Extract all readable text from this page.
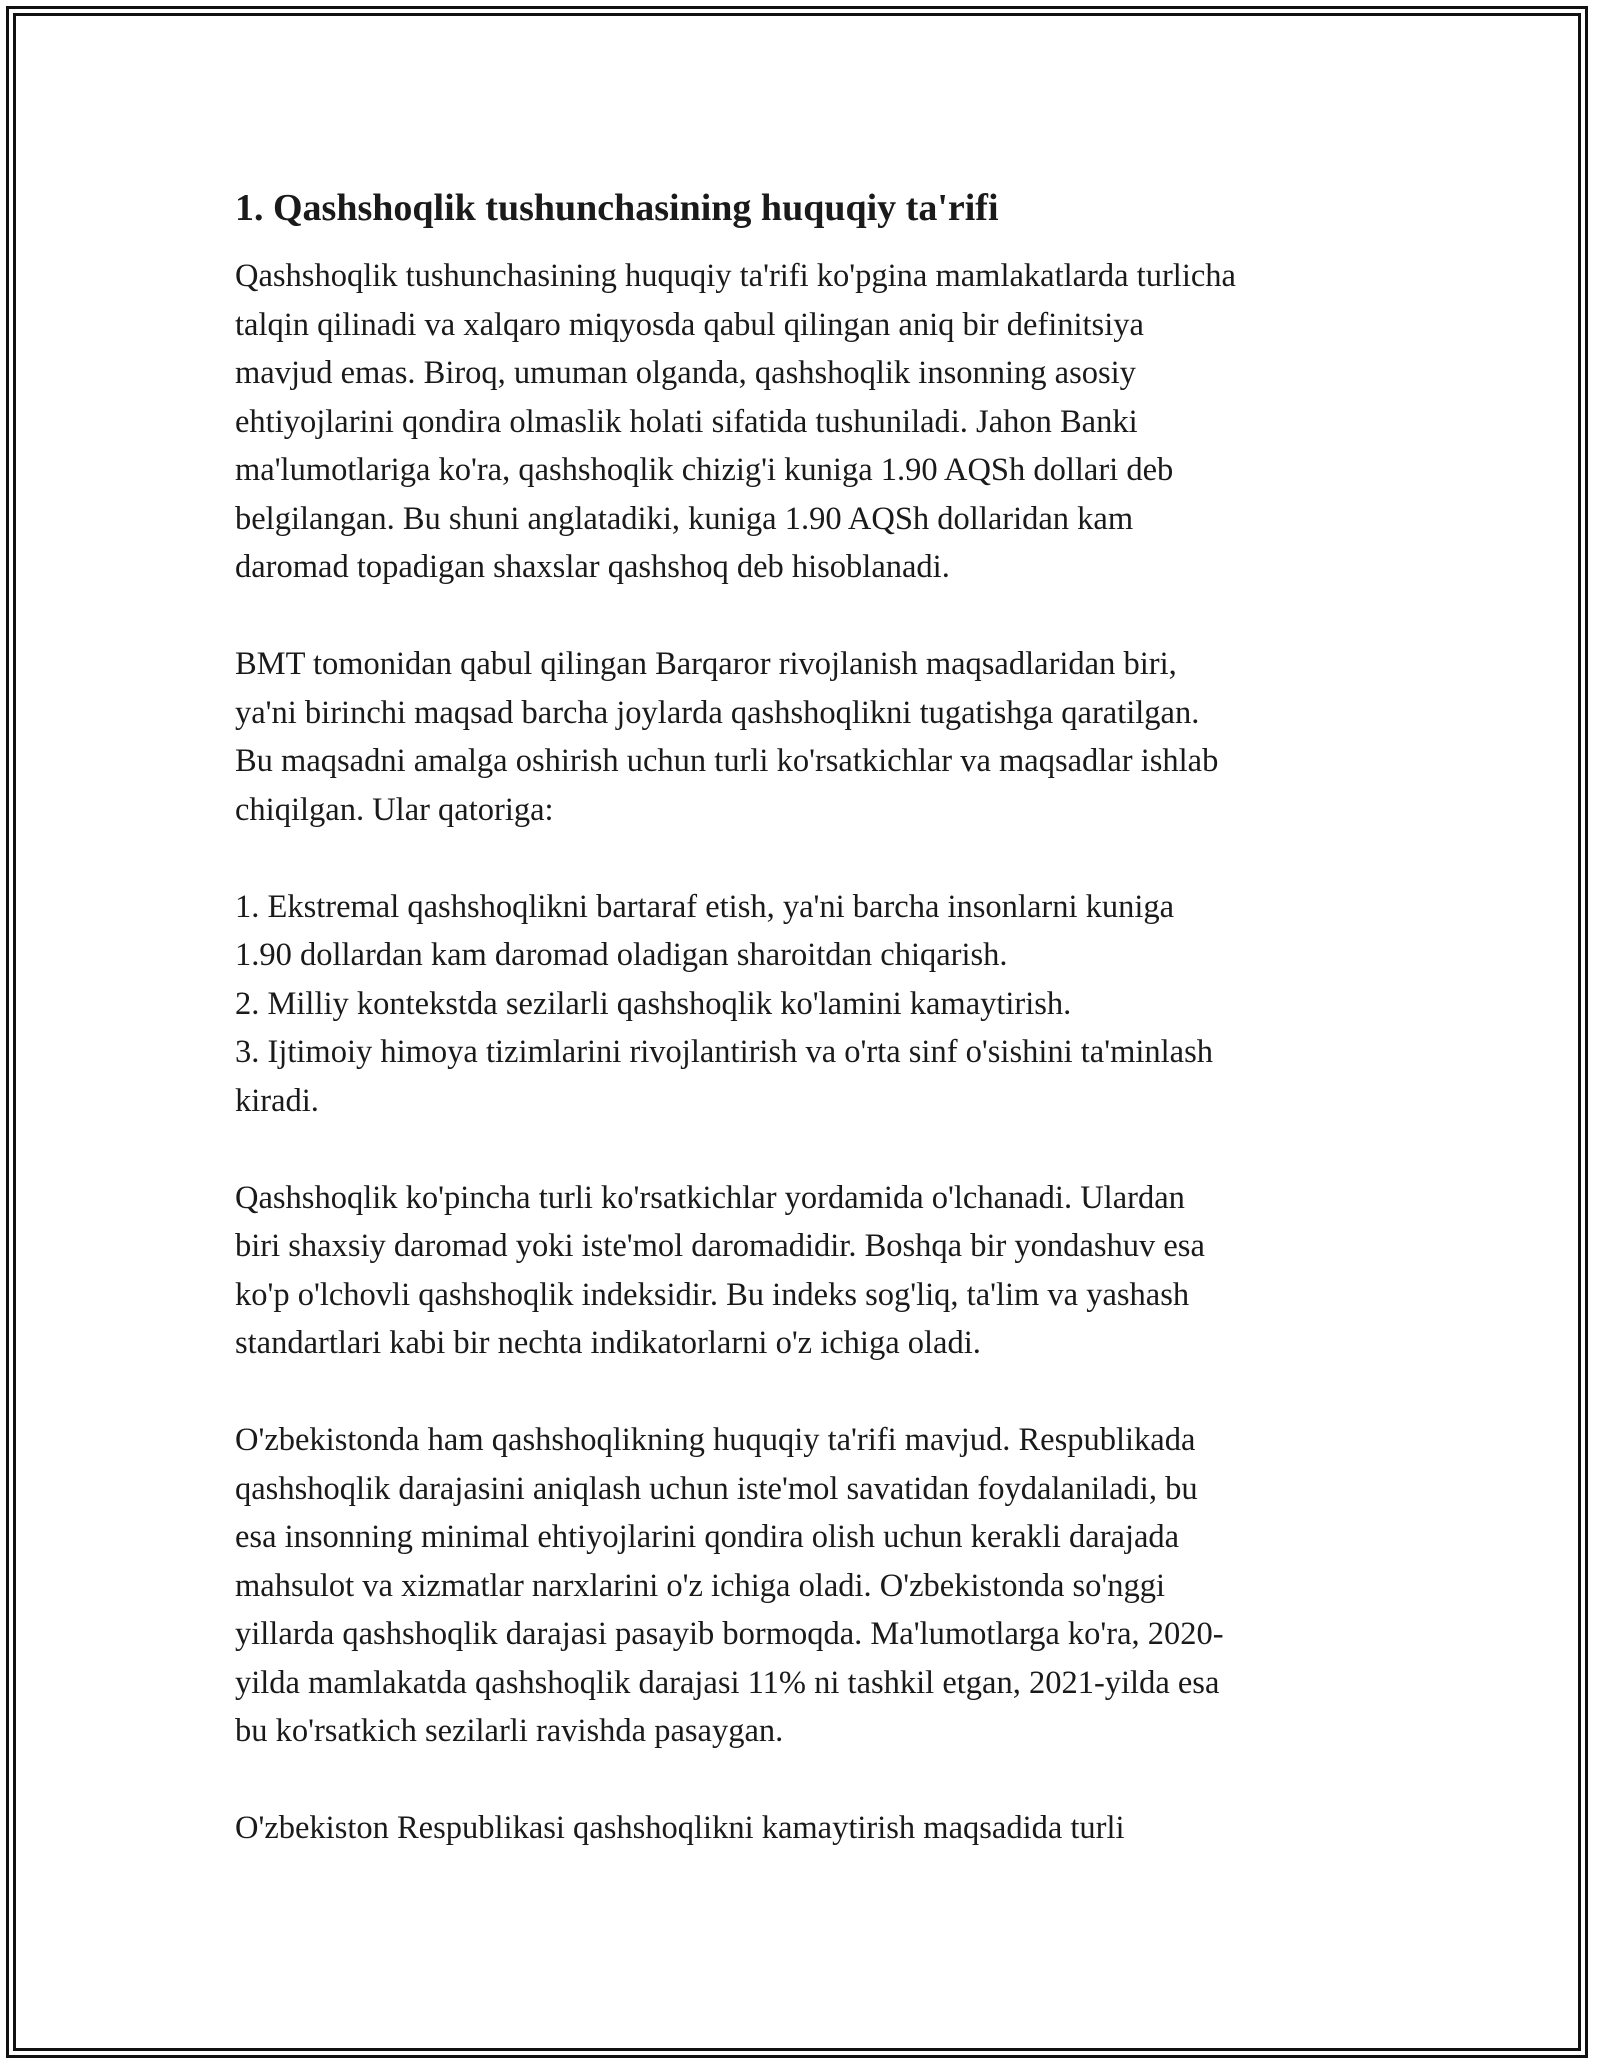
1. Qashshoqlik tushunchasining huquqiy ta'rifi

Qashshoqlik tushunchasining huquqiy ta'rifi ko'pgina mamlakatlarda turlicha
talqin qilinadi va xalqaro miqyosda qabul qilingan aniq bir definitsiya
mavjud emas. Biroq, umuman olganda, qashshoqlik insonning asosiy
ehtiyojlarini qondira olmaslik holati sifatida tushuniladi. Jahon Banki
ma'lumotlariga ko'ra, qashshoqlik chizig'i kuniga 1.90 AQSh dollari deb
belgilangan. Bu shuni anglatadiki, kuniga 1.90 AQSh dollaridan kam
daromad topadigan shaxslar qashshoq deb hisoblanadi.

BMT tomonidan qabul qilingan Barqaror rivojlanish maqsadlaridan biri,
ya'ni birinchi maqsad barcha joylarda qashshoqlikni tugatishga qaratilgan.
Bu maqsadni amalga oshirish uchun turli ko'rsatkichlar va maqsadlar ishlab
chiqilgan. Ular qatoriga:

1. Ekstremal qashshoqlikni bartaraf etish, ya'ni barcha insonlarni kuniga
1.90 dollardan kam daromad oladigan sharoitdan chiqarish.
2. Milliy kontekstda sezilarli qashshoqlik ko'lamini kamaytirish.
3. Ijtimoiy himoya tizimlarini rivojlantirish va o'rta sinf o'sishini ta'minlash
kiradi.

Qashshoqlik ko'pincha turli ko'rsatkichlar yordamida o'lchanadi. Ulardan
biri shaxsiy daromad yoki iste'mol daromadidir. Boshqa bir yondashuv esa
ko'p o'lchovli qashshoqlik indeksidir. Bu indeks sog'liq, ta'lim va yashash
standartlari kabi bir nechta indikatorlarni o'z ichiga oladi.

O'zbekistonda ham qashshoqlikning huquqiy ta'rifi mavjud. Respublikada
qashshoqlik darajasini aniqlash uchun iste'mol savatidan foydalaniladi, bu
esa insonning minimal ehtiyojlarini qondira olish uchun kerakli darajada
mahsulot va xizmatlar narxlarini o'z ichiga oladi. O'zbekistonda so'nggi
yillarda qashshoqlik darajasi pasayib bormoqda. Ma'lumotlarga ko'ra, 2020-
yilda mamlakatda qashshoqlik darajasi 11% ni tashkil etgan, 2021-yilda esa
bu ko'rsatkich sezilarli ravishda pasaygan.

O'zbekiston Respublikasi qashshoqlikni kamaytirish maqsadida turli
